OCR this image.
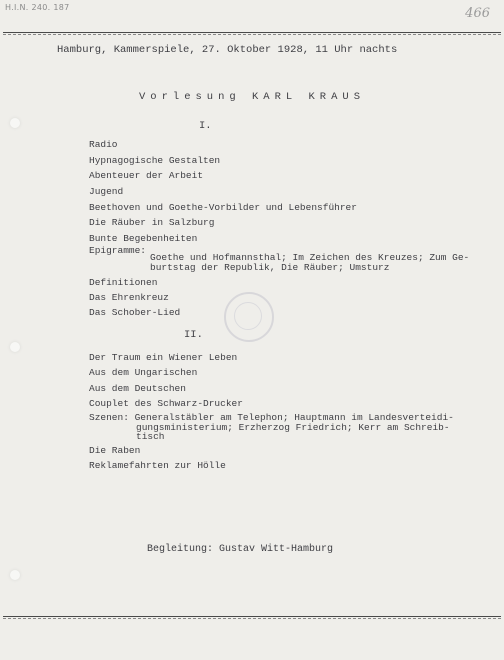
H.I.N. 240. 187	466
Hamburg, Kammerspiele, 27. Oktober 1928, 11 Uhr nachts
Vorlesung KARL KRAUS
I.
Radio
Hypnagogische Gestalten
Abenteuer der Arbeit
Jugend
Beethoven und Goethe-Vorbilder und Lebensführer
Die Räuber in Salzburg
Bunte Begebenheiten
Epigramme:
Goethe und Hofmannsthal; Im Zeichen des Kreuzes; Zum Ge-
burtstag der Republik, Die Räuber; Umsturz
Definitionen
Das Ehrenkreuz
Das Schober-Lied
II.
Der Traum ein Wiener Leben
Aus dem Ungarischen
Aus dem Deutschen
Couplet des Schwarz-Drucker
Szenen: Generalstäbler am Telephon; Hauptmann im Landesverteidi-
gungsministerium; Erzherzog Friedrich; Kerr am Schreib-
tisch
Die Raben
Reklamefahrten zur Hölle
Begleitung: Gustav Witt-Hamburg
